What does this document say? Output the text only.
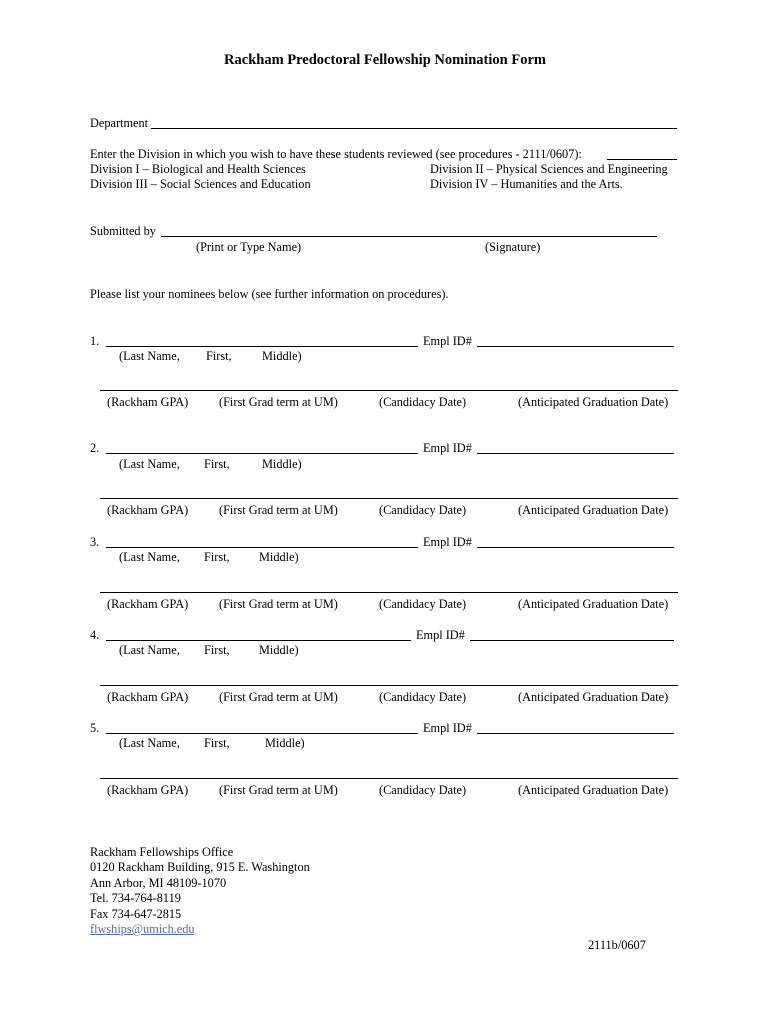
Rackham Predoctoral Fellowship Nomination Form
Department
Enter the Division in which you wish to have these students reviewed (see procedures - 2111/0607):
Division I – Biological and Health Sciences	Division II – Physical Sciences and Engineering
Division III – Social Sciences and Education	Division IV – Humanities and the Arts.
Submitted by
(Print or Type Name)	(Signature)
Please list your nominees below (see further information on procedures).
1.	Empl ID#
(Last Name, First, Middle)
(Rackham GPA)	(First Grad term at UM)	(Candidacy Date)	(Anticipated Graduation Date)
2.	Empl ID#
(Last Name, First,	Middle)
(Rackham GPA)	(First Grad term at UM)	(Candidacy Date)	(Anticipated Graduation Date)
3.	Empl ID#
(Last Name, First, Middle)
(Rackham GPA)	(First Grad term at UM)	(Candidacy Date)	(Anticipated Graduation Date)
4.	Empl ID#
(Last Name, First, Middle)
(Rackham GPA)	(First Grad term at UM)	(Candidacy Date)	(Anticipated Graduation Date)
5.	Empl ID#
(Last Name, First,	Middle)
(Rackham GPA)	(First Grad term at UM)	(Candidacy Date)	(Anticipated Graduation Date)
Rackham Fellowships Office
0120 Rackham Building, 915 E. Washington
Ann Arbor, MI 48109-1070
Tel. 734-764-8119
Fax 734-647-2815
flwships@umich.edu
2111b/0607
